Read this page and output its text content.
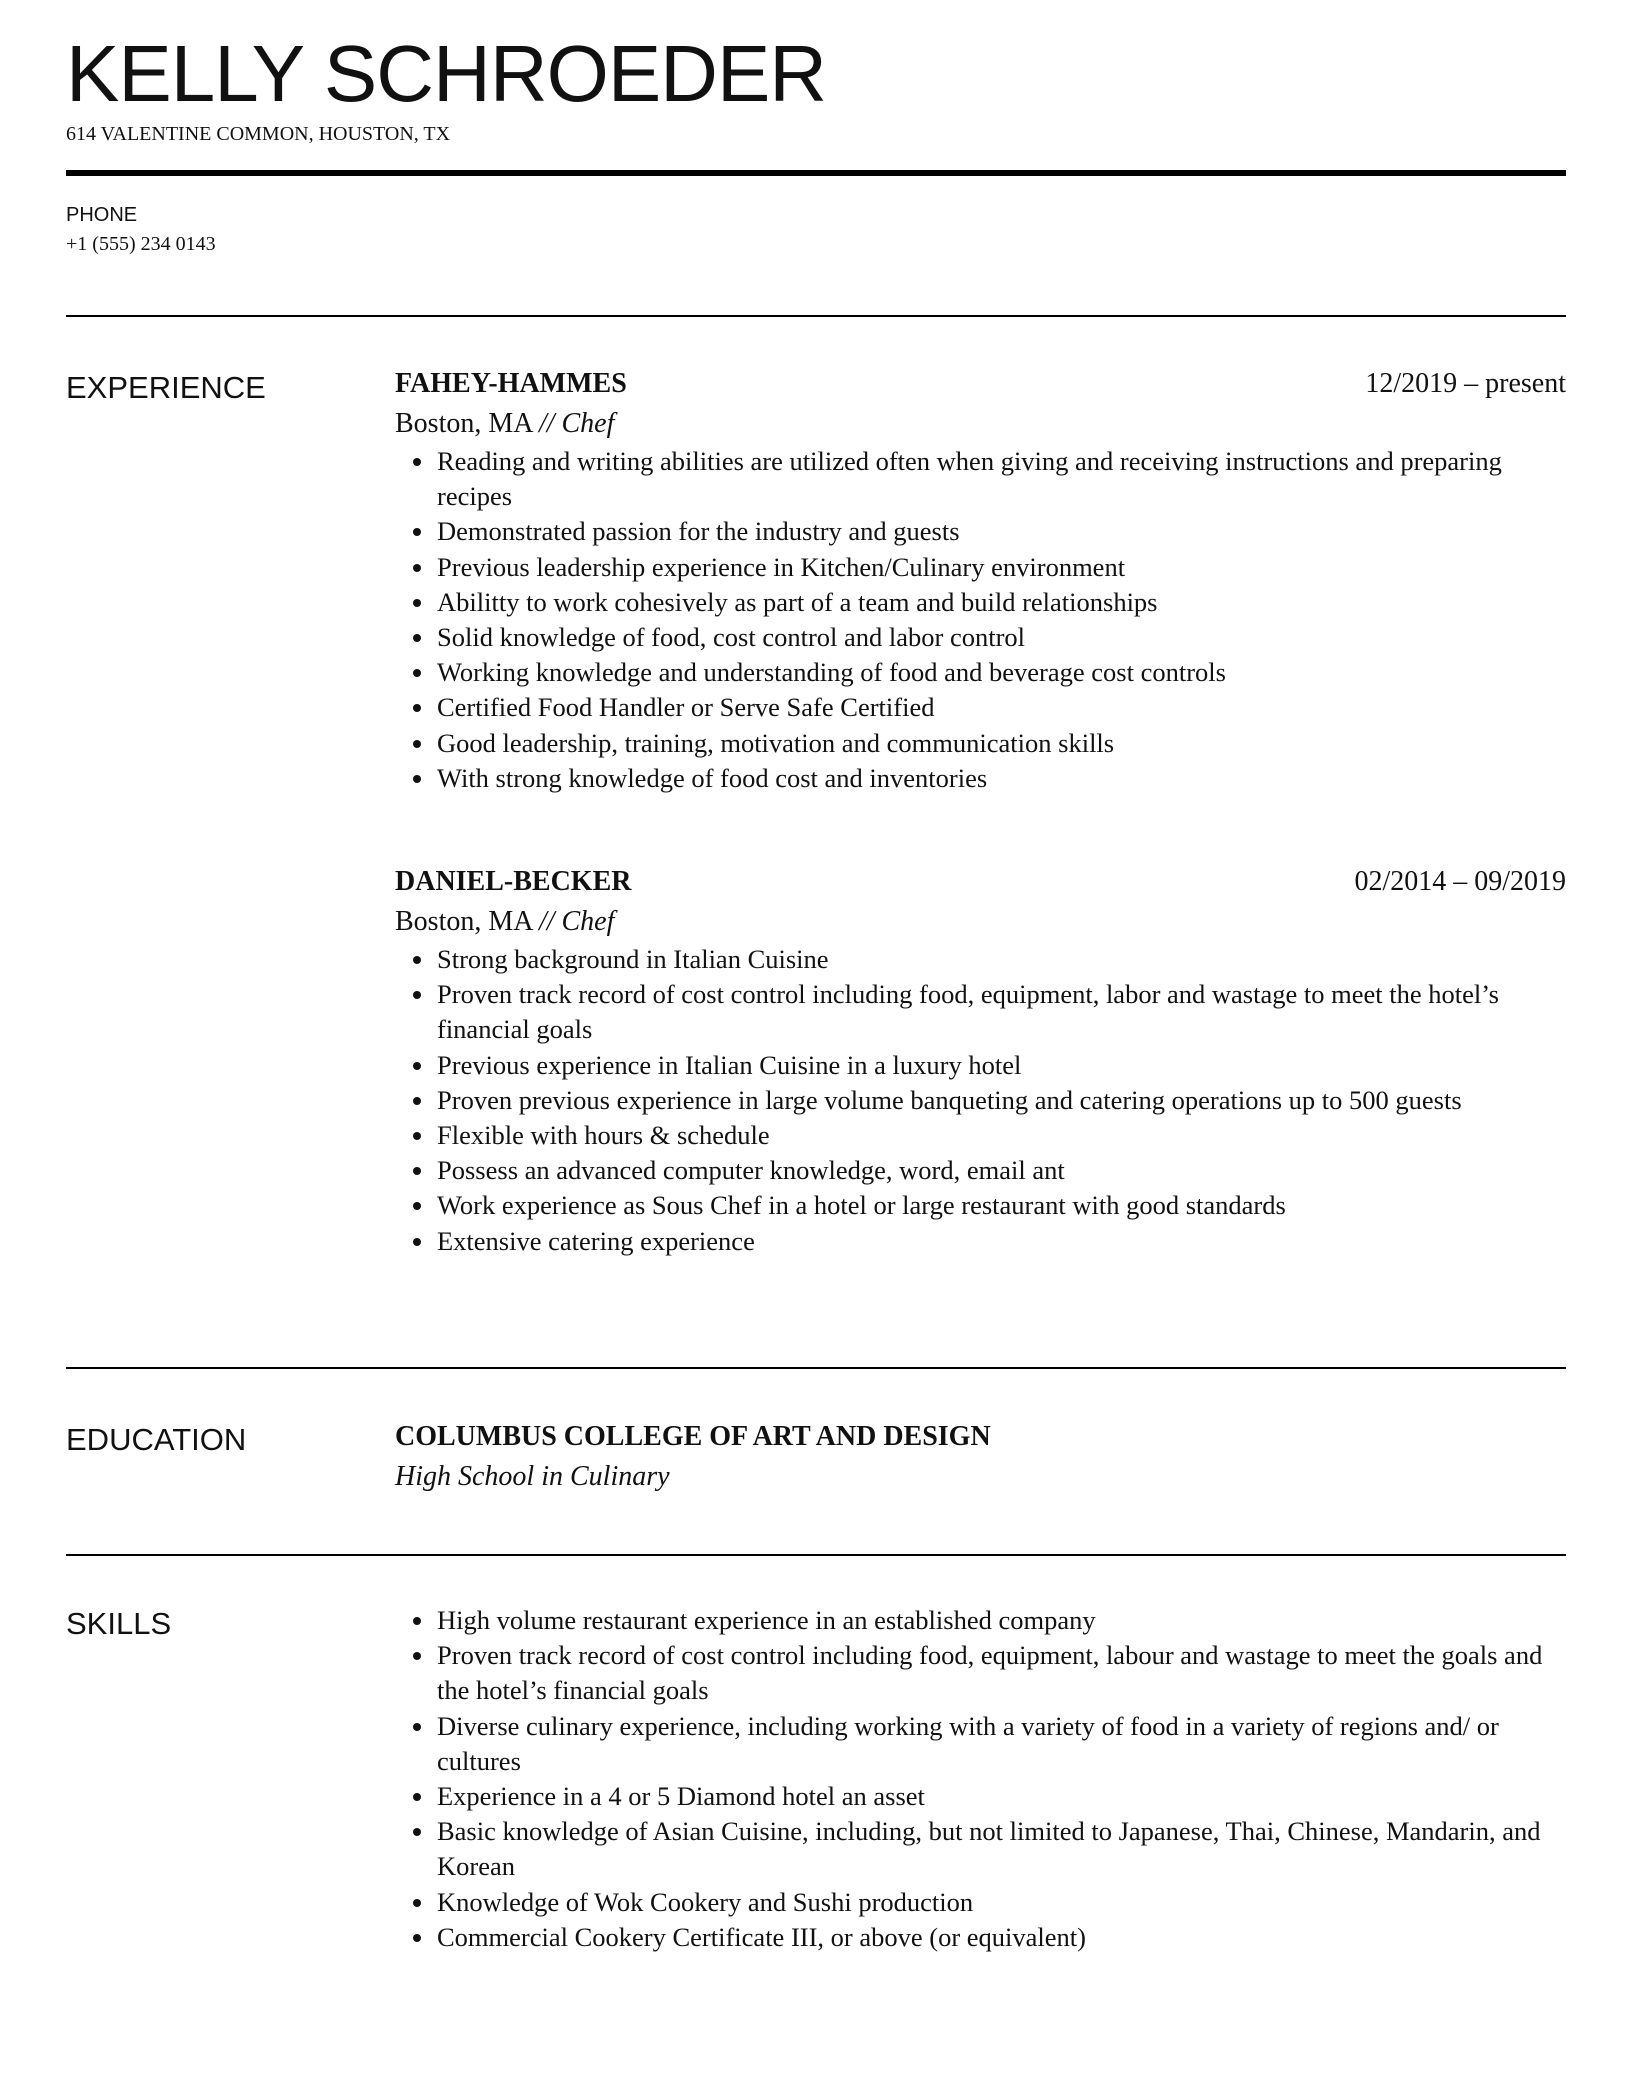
KELLY SCHROEDER
614 VALENTINE COMMON, HOUSTON, TX
PHONE
+1 (555) 234 0143
EXPERIENCE	FAHEY-HAMMES	12/2019 – present
Boston, MA // Chef
Reading and writing abilities are utilized often when giving and receiving instructions and preparing recipes
Demonstrated passion for the industry and guests
Previous leadership experience in Kitchen/Culinary environment
Abilitty to work cohesively as part of a team and build relationships
Solid knowledge of food, cost control and labor control
Working knowledge and understanding of food and beverage cost controls
Certified Food Handler or Serve Safe Certified
Good leadership, training, motivation and communication skills
With strong knowledge of food cost and inventories
DANIEL-BECKER	02/2014 – 09/2019
Boston, MA // Chef
Strong background in Italian Cuisine
Proven track record of cost control including food, equipment, labor and wastage to meet the hotel’s financial goals
Previous experience in Italian Cuisine in a luxury hotel
Proven previous experience in large volume banqueting and catering operations up to 500 guests
Flexible with hours & schedule
Possess an advanced computer knowledge, word, email ant
Work experience as Sous Chef in a hotel or large restaurant with good standards
Extensive catering experience
EDUCATION	COLUMBUS COLLEGE OF ART AND DESIGN
High School in Culinary
SKILLS	High volume restaurant experience in an established company
Proven track record of cost control including food, equipment, labour and wastage to meet the goals and the hotel’s financial goals
Diverse culinary experience, including working with a variety of food in a variety of regions and/ or cultures
Experience in a 4 or 5 Diamond hotel an asset
Basic knowledge of Asian Cuisine, including, but not limited to Japanese, Thai, Chinese, Mandarin, and Korean
Knowledge of Wok Cookery and Sushi production
Commercial Cookery Certificate III, or above (or equivalent)
